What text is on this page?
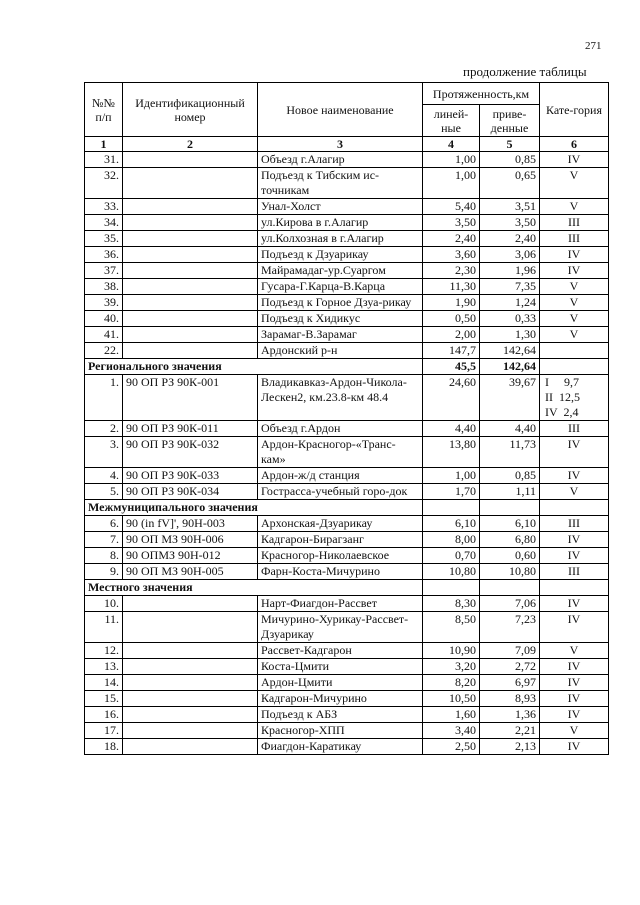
271
продолжение таблицы
№№ п/п	Идентификационный номер	Новое наименование	Протяженность,км		Кате-гория
			линей-ные	приве-денные	
1	2	3	4	5	6
31.		Объезд г.Алагир	1,00	0,85	IV
32.		Подъезд к Тибским ис-точникам	1,00	0,65	V
33.		Унал-Холст	5,40	3,51	V
34.		ул.Кирова в г.Алагир	3,50	3,50	III
35.		ул.Колхозная в г.Алагир	2,40	2,40	III
36.		Подъезд к Дзуарикау	3,60	3,06	IV
37.		Майрамадаг-ур.Суаргом	2,30	1,96	IV
38.		Гусара-Г.Карца-В.Карца	11,30	7,35	V
39.		Подъезд к Горное Дзуа-рикау	1,90	1,24	V
40.		Подъезд к Хидикус	0,50	0,33	V
41.		Зарамаг-В.Зарамаг	2,00	1,30	V
22.		Ардонский р-н	147,7	142,64	
Регионального значения			45,5	142,64	
1.	90 ОП РЗ 90К-001	Владикавказ-Ардон-Чикола-Лескен2, км.23.8-км 48.4	24,60	39,67	I     9,7
II  12,5
IV  2,4

2.	90 ОП РЗ 90К-011	Объезд г.Ардон	4,40	4,40	III
3.	90 ОП РЗ 90К-032	Ардон-Красногор-«Транс-кам»	13,80	11,73	IV
4.	90 ОП РЗ 90К-033	Ардон-ж/д станция	1,00	0,85	IV
5.	90 ОП РЗ 90К-034	Гострасса-учебный горо-док	1,70	1,11	V
Межмуниципального значения					
6.	90 (in fV]', 90Н-003	Архонская-Дзуарикау	6,10	6,10	III
7.	90 ОП МЗ 90Н-006	Кадгарон-Бирагзанг	8,00	6,80	IV
8.	90 ОПМЗ 90Н-012	Красногор-Николаевское	0,70	0,60	IV
9.	90 ОП МЗ 90Н-005	Фарн-Коста-Мичурино	10,80	10,80	III
Местного значения					
10.		Нарт-Фиагдон-Рассвет	8,30	7,06	IV
11.		Мичурино-Хурикау-Рассвет-Дзуарикау	8,50	7,23	IV
12.		Рассвет-Кадгарон	10,90	7,09	V
13.		Коста-Цмити	3,20	2,72	IV
14.		Ардон-Цмити	8,20	6,97	IV
15.		Кадгарон-Мичурино	10,50	8,93	IV
16.		Подъезд к АБЗ	1,60	1,36	IV
17.		Красногор-ХПП	3,40	2,21	V
18.		Фиагдон-Каратикау	2,50	2,13	IV
